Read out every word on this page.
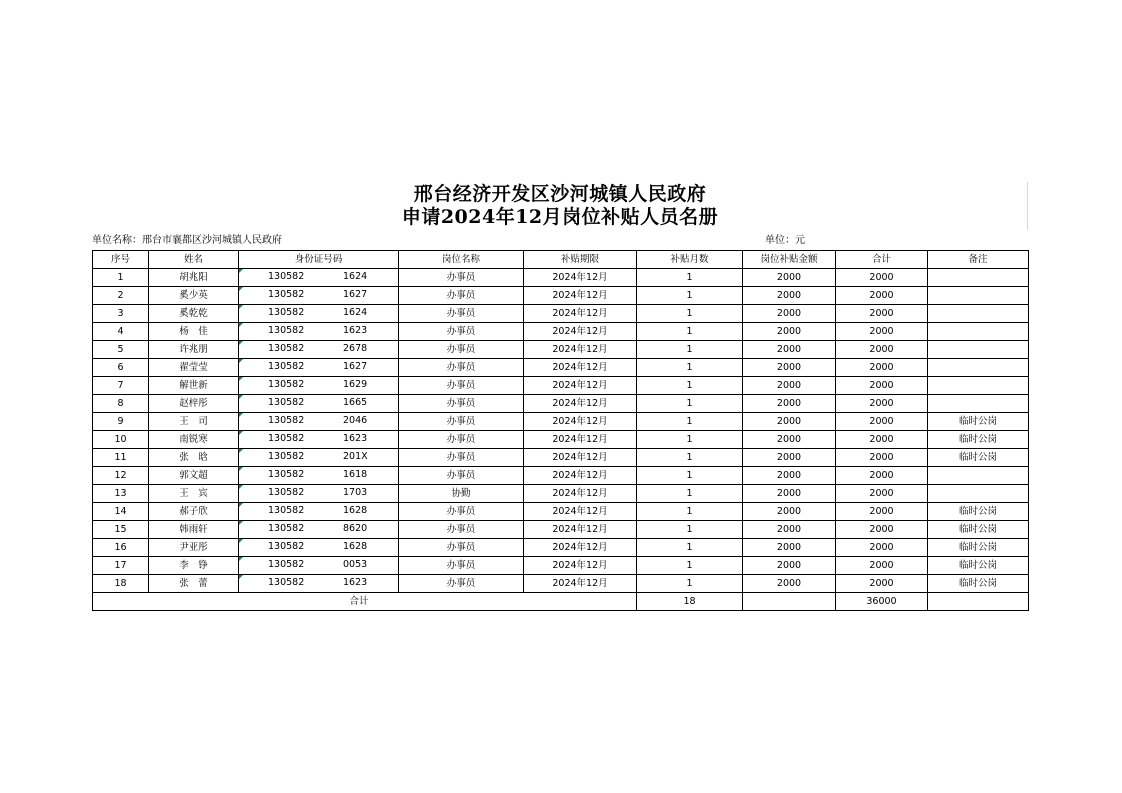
邢台经济开发区沙河城镇人民政府
申请2024年12月岗位补贴人员名册
单位名称：邢台市襄都区沙河城镇人民政府	单位：元
序号	姓名	身份证号码	岗位名称	补贴期限	补贴月数	岗位补贴金额	合计	备注
1	胡兆阳	130582 1624	办事员	2024年12月	1	2000	2000	
2	奚少英	130582 1627	办事员	2024年12月	1	2000	2000	
3	奚乾乾	130582 1624	办事员	2024年12月	1	2000	2000	
4	杨　佳	130582 1623	办事员	2024年12月	1	2000	2000	
5	许兆朋	130582 2678	办事员	2024年12月	1	2000	2000	
6	翟莹莹	130582 1627	办事员	2024年12月	1	2000	2000	
7	解世新	130582 1629	办事员	2024年12月	1	2000	2000	
8	赵梓彤	130582 1665	办事员	2024年12月	1	2000	2000	
9	王　司	130582 2046	办事员	2024年12月	1	2000	2000	临时公岗
10	南锐寒	130582 1623	办事员	2024年12月	1	2000	2000	临时公岗
11	张　晗	130582 201X	办事员	2024年12月	1	2000	2000	临时公岗
12	郭文超	130582 1618	办事员	2024年12月	1	2000	2000	
13	王　宾	130582 1703	协勤	2024年12月	1	2000	2000	
14	郝子欣	130582 1628	办事员	2024年12月	1	2000	2000	临时公岗
15	韩雨轩	130582 8620	办事员	2024年12月	1	2000	2000	临时公岗
16	尹亚彤	130582 1628	办事员	2024年12月	1	2000	2000	临时公岗
17	李　铮	130582 0053	办事员	2024年12月	1	2000	2000	临时公岗
18	张　蕾	130582 1623	办事员	2024年12月	1	2000	2000	临时公岗
		合计			18		36000	
